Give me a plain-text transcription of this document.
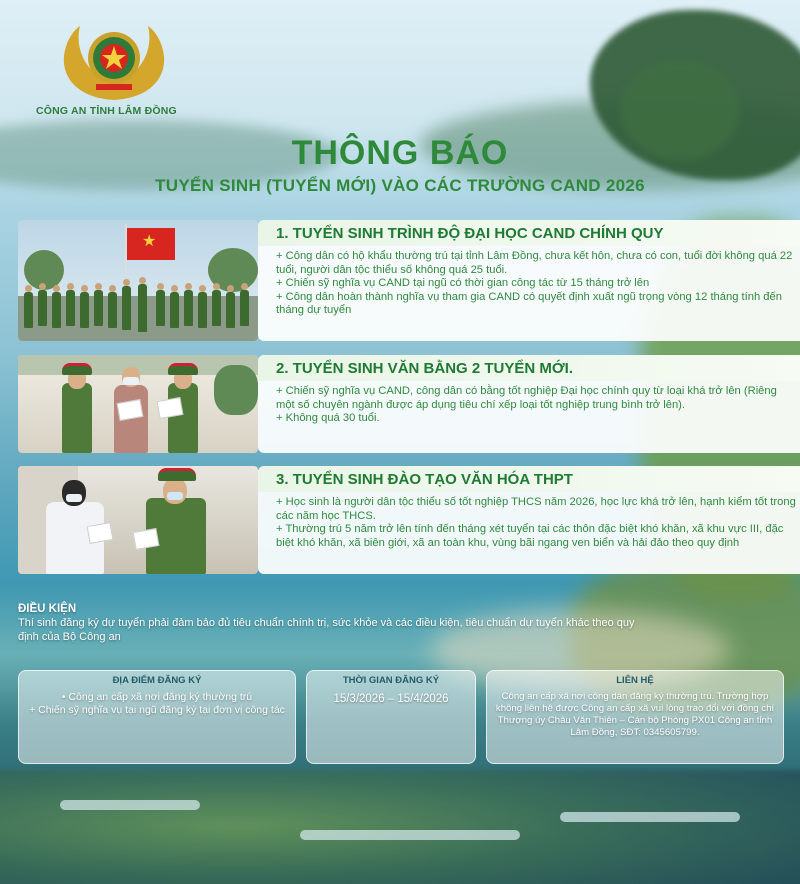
CÔNG AN TỈNH LÂM ĐỒNG
THÔNG BÁO
TUYỂN SINH (TUYỂN MỚI) VÀO CÁC TRƯỜNG CAND 2026
★	1. TUYỂN SINH TRÌNH ĐỘ ĐẠI HỌC CAND CHÍNH QUY

+ Công dân có hộ khẩu thường trú tại tỉnh Lâm Đồng, chưa kết hôn, chưa có con, tuổi đời không quá 22 tuổi, người dân tộc thiểu số không quá 25 tuổi.

+ Chiến sỹ nghĩa vụ CAND tại ngũ có thời gian công tác từ 15 tháng trở lên

+ Công dân hoàn thành nghĩa vụ tham gia CAND có quyết định xuất ngũ trọng vòng 12 tháng tính đến tháng dự tuyển

2. TUYỂN SINH VĂN BẰNG 2 TUYỂN MỚI.

+ Chiến sỹ nghĩa vụ CAND, công dân có bằng tốt nghiệp Đại học chính quy từ loại khá trở lên (Riêng một số chuyên ngành được áp dụng tiêu chí xếp loại tốt nghiệp trung bình trở lên).

+ Không quá 30 tuổi.

3. TUYỂN SINH ĐÀO TẠO VĂN HÓA THPT

+ Học sinh là người dân tộc thiểu số tốt nghiệp THCS năm 2026, học lực khá trở lên, hạnh kiểm tốt trong các năm học THCS.

+ Thường trú 5 năm trở lên tính đến tháng xét tuyển tại các thôn đặc biệt khó khăn, xã khu vực III, đặc biệt khó khăn, xã biên giới, xã an toàn khu, vùng bãi ngang ven biển và hải đảo theo quy định

ĐIỀU KIỆN
Thí sinh đăng ký dự tuyển phải đảm bảo đủ tiêu chuẩn chính trị, sức khỏe và các điều kiện, tiêu chuẩn dự tuyển khác theo quy định của Bộ Công an
ĐỊA ĐIỂM ĐĂNG KÝ
• Công an cấp xã nơi đăng ký thường trú
+ Chiến sỹ nghĩa vụ tại ngũ đăng ký tại đơn vị công tác
THỜI GIAN ĐĂNG KÝ
15/3/2026 – 15/4/2026
LIÊN HỆ
Công an cấp xã nơi công dân đăng ký thường trú. Trường hợp không liên hệ được Công an cấp xã vui lòng trao đổi với đồng chí Thượng úy Châu Văn Thiên – Cán bộ Phòng PX01 Công an tỉnh Lâm Đồng, SĐT: 0345605799.
